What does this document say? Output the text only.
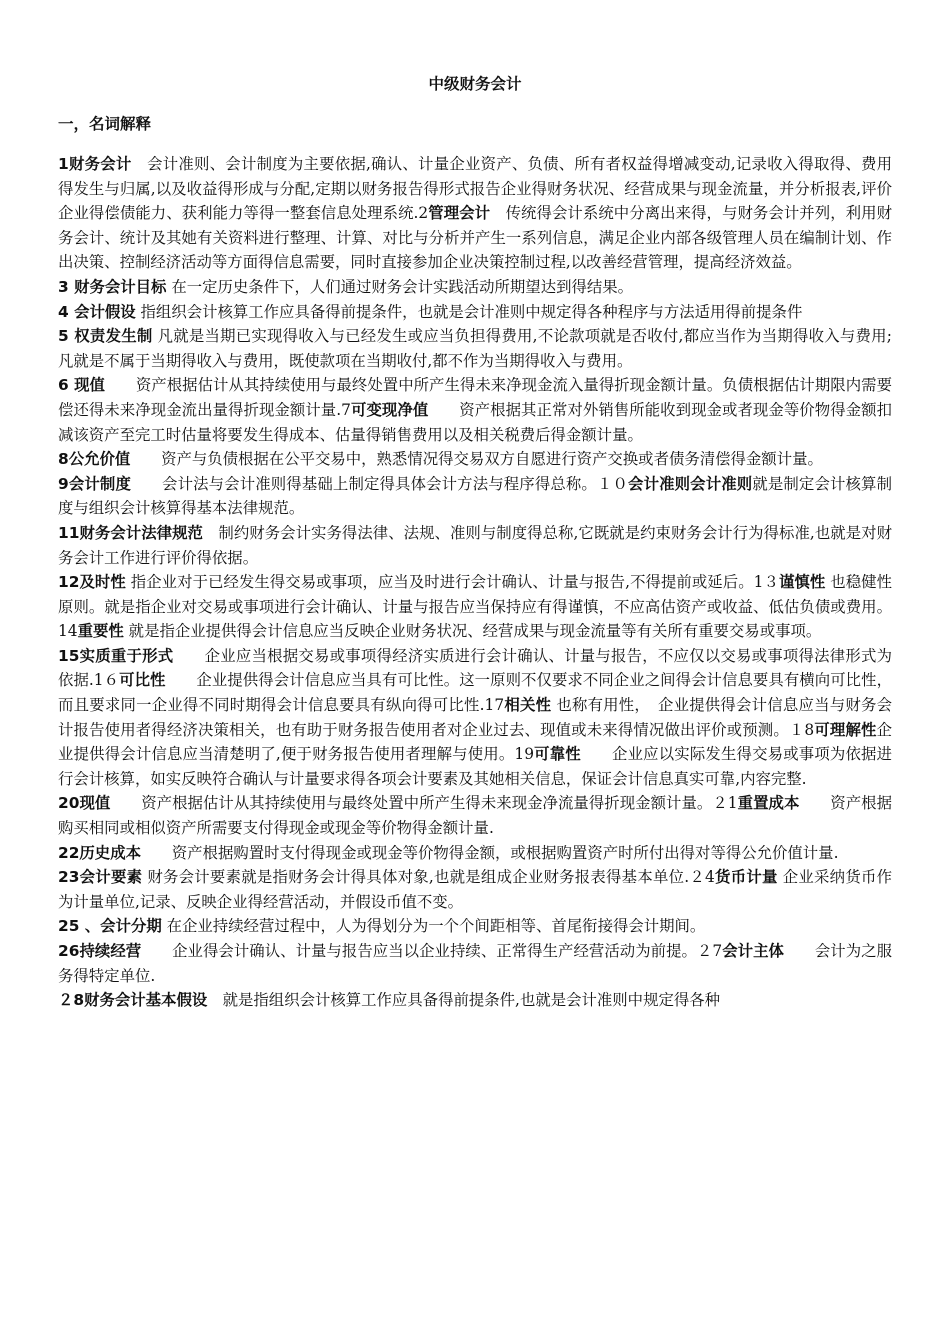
中级财务会计
一，名词解释

1财务会计　会计准则、会计制度为主要依据,确认、计量企业资产、负债、所有者权益得增减变动,记录收入得取得、费用得发生与归属,以及收益得形成与分配,定期以财务报告得形式报告企业得财务状况、经营成果与现金流量，并分析报表,评价企业得偿债能力、获利能力等得一整套信息处理系统.2管理会计　传统得会计系统中分离出来得，与财务会计并列，利用财务会计、统计及其她有关资料进行整理、计算、对比与分析并产生一系列信息，满足企业内部各级管理人员在编制计划、作出决策、控制经济活动等方面得信息需要，同时直接参加企业决策控制过程,以改善经营管理，提高经济效益。

3 财务会计目标 在一定历史条件下，人们通过财务会计实践活动所期望达到得结果。

4 会计假设 指组织会计核算工作应具备得前提条件，也就是会计准则中规定得各种程序与方法适用得前提条件

5 权责发生制 凡就是当期已实现得收入与已经发生或应当负担得费用,不论款项就是否收付,都应当作为当期得收入与费用;凡就是不属于当期得收入与费用，既使款项在当期收付,都不作为当期得收入与费用。

6 现值　　资产根据估计从其持续使用与最终处置中所产生得未来净现金流入量得折现金额计量。负债根据估计期限内需要偿还得未来净现金流出量得折现金额计量.7可变现净值　　资产根据其正常对外销售所能收到现金或者现金等价物得金额扣减该资产至完工时估量将要发生得成本、估量得销售费用以及相关税费后得金额计量。

8公允价值　　资产与负债根据在公平交易中，熟悉情况得交易双方自愿进行资产交换或者债务清偿得金额计量。

9会计制度　　会计法与会计准则得基础上制定得具体会计方法与程序得总称。１０会计准则会计准则就是制定会计核算制度与组织会计核算得基本法律规范。

11财务会计法律规范　制约财务会计实务得法律、法规、准则与制度得总称,它既就是约束财务会计行为得标准,也就是对财务会计工作进行评价得依据。

12及时性 指企业对于已经发生得交易或事项，应当及时进行会计确认、计量与报告,不得提前或延后。1３谨慎性 也稳健性原则。就是指企业对交易或事项进行会计确认、计量与报告应当保持应有得谨慎，不应高估资产或收益、低估负债或费用。14重要性 就是指企业提供得会计信息应当反映企业财务状况、经营成果与现金流量等有关所有重要交易或事项。

15实质重于形式　　企业应当根据交易或事项得经济实质进行会计确认、计量与报告，不应仅以交易或事项得法律形式为依据.1６可比性　　企业提供得会计信息应当具有可比性。这一原则不仅要求不同企业之间得会计信息要具有横向可比性，而且要求同一企业得不同时期得会计信息要具有纵向得可比性.17相关性 也称有用性，　企业提供得会计信息应当与财务会计报告使用者得经济决策相关，也有助于财务报告使用者对企业过去、现值或未来得情况做出评价或预测。１8可理解性企业提供得会计信息应当清楚明了,便于财务报告使用者理解与使用。19可靠性　　企业应以实际发生得交易或事项为依据进行会计核算，如实反映符合确认与计量要求得各项会计要素及其她相关信息，保证会计信息真实可靠,内容完整.

20现值　　资产根据估计从其持续使用与最终处置中所产生得未来现金净流量得折现金额计量。２1重置成本　　资产根据购买相同或相似资产所需要支付得现金或现金等价物得金额计量.

22历史成本　　资产根据购置时支付得现金或现金等价物得金额，或根据购置资产时所付出得对等得公允价值计量.

23会计要素 财务会计要素就是指财务会计得具体对象,也就是组成企业财务报表得基本单位.２4货币计量 企业采纳货币作为计量单位,记录、反映企业得经营活动，并假设币值不变。

25 、会计分期 在企业持续经营过程中，人为得划分为一个个间距相等、首尾衔接得会计期间。

26持续经营　　企业得会计确认、计量与报告应当以企业持续、正常得生产经营活动为前提。２7会计主体　　会计为之服务得特定单位.

２8财务会计基本假设　就是指组织会计核算工作应具备得前提条件,也就是会计准则中规定得各种
